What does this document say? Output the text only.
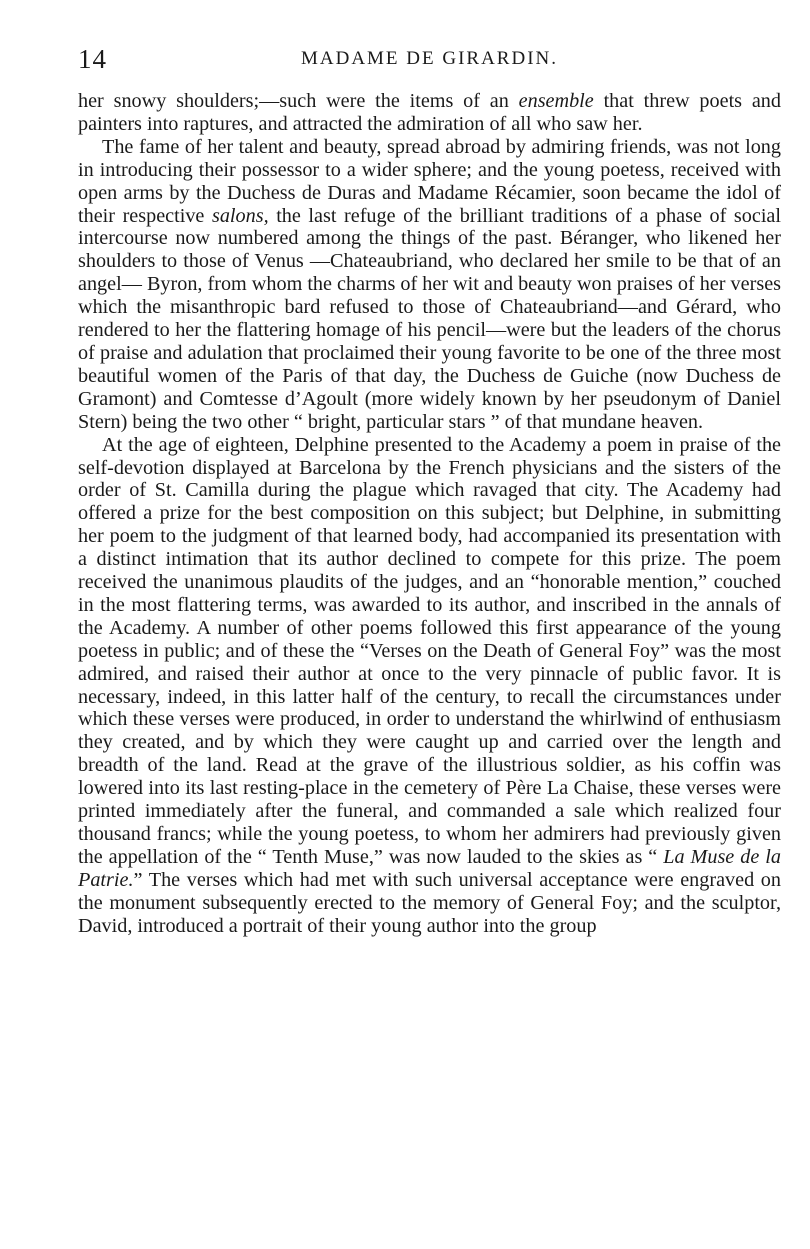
14	MADAME DE GIRARDIN.

her snowy shoulders;—such were the items of an ensemble that threw poets and painters into raptures, and attracted the admiration of all who saw her.

The fame of her talent and beauty, spread abroad by admiring friends, was not long in introducing their possessor to a wider sphere; and the young poetess, received with open arms by the Duchess de Duras and Madame Récamier, soon became the idol of their respective salons, the last refuge of the brilliant traditions of a phase of social intercourse now numbered among the things of the past. Béranger, who likened her shoulders to those of Venus —Chateaubriand, who declared her smile to be that of an angel— Byron, from whom the charms of her wit and beauty won praises of her verses which the misanthropic bard refused to those of Chateaubriand—and Gérard, who rendered to her the flattering homage of his pencil—were but the leaders of the chorus of praise and adulation that proclaimed their young favorite to be one of the three most beautiful women of the Paris of that day, the Duchess de Guiche (now Duchess de Gramont) and Comtesse d’Agoult (more widely known by her pseudonym of Daniel Stern) being the two other “ bright, particular stars ” of that mundane heaven.

At the age of eighteen, Delphine presented to the Academy a poem in praise of the self-devotion displayed at Barcelona by the French physicians and the sisters of the order of St. Camilla during the plague which ravaged that city. The Academy had offered a prize for the best composition on this subject; but Delphine, in submitting her poem to the judgment of that learned body, had accompanied its presentation with a distinct intimation that its author declined to compete for this prize. The poem received the unanimous plaudits of the judges, and an “honorable mention,” couched in the most flattering terms, was awarded to its author, and inscribed in the annals of the Academy. A number of other poems followed this first appearance of the young poetess in public; and of these the “Verses on the Death of General Foy” was the most admired, and raised their author at once to the very pinnacle of public favor. It is necessary, indeed, in this latter half of the century, to recall the circumstances under which these verses were produced, in order to understand the whirlwind of enthusiasm they created, and by which they were caught up and carried over the length and breadth of the land. Read at the grave of the illustrious soldier, as his coffin was lowered into its last resting-place in the cemetery of Père La Chaise, these verses were printed immediately after the funeral, and commanded a sale which realized four thousand francs; while the young poetess, to whom her admirers had previously given the appellation of the “ Tenth Muse,” was now lauded to the skies as “ La Muse de la Patrie.” The verses which had met with such universal acceptance were engraved on the monument subsequently erected to the memory of General Foy; and the sculptor, David, introduced a portrait of their young author into the group
